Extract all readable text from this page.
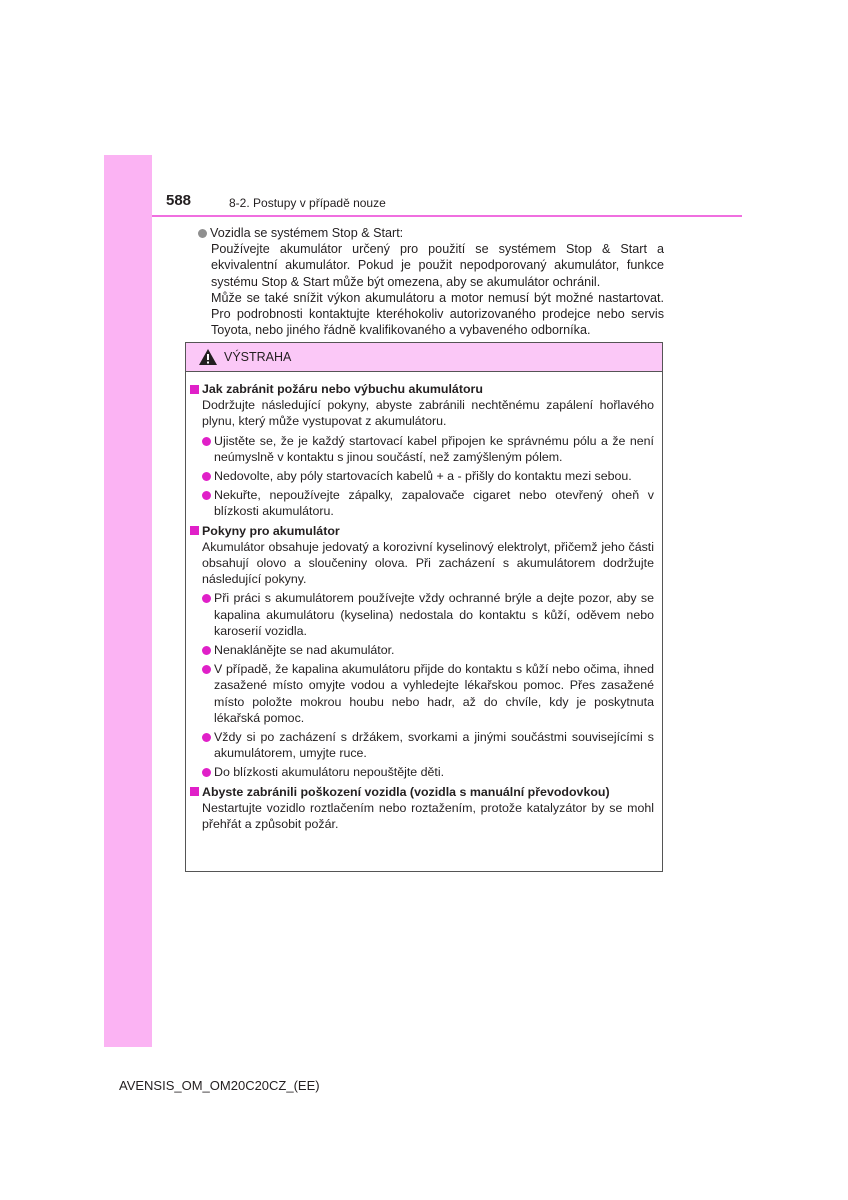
588	8-2. Postupy v případě nouze
Vozidla se systémem Stop & Start:

Používejte akumulátor určený pro použití se systémem Stop & Start a ekvivalentní akumulátor. Pokud je použit nepodporovaný akumulátor, funkce systému Stop & Start může být omezena, aby se akumulátor ochránil.

Může se také snížit výkon akumulátoru a motor nemusí být možné nastartovat. Pro podrobnosti kontaktujte kteréhokoliv autorizovaného prodejce nebo servis Toyota, nebo jiného řádně kvalifikovaného a vybaveného odborníka.

VÝSTRAHA
Jak zabránit požáru nebo výbuchu akumulátoru
Dodržujte následující pokyny, abyste zabránili nechtěnému zapálení hořlavého plynu, který může vystupovat z akumulátoru.
Ujistěte se, že je každý startovací kabel připojen ke správnému pólu a že není neúmyslně v kontaktu s jinou součástí, než zamýšleným pólem.
Nedovolte, aby póly startovacích kabelů + a - přišly do kontaktu mezi sebou.
Nekuřte, nepoužívejte zápalky, zapalovače cigaret nebo otevřený oheň v blízkosti akumulátoru.
Pokyny pro akumulátor
Akumulátor obsahuje jedovatý a korozivní kyselinový elektrolyt, přičemž jeho části obsahují olovo a sloučeniny olova. Při zacházení s akumulátorem dodržujte následující pokyny.
Při práci s akumulátorem používejte vždy ochranné brýle a dejte pozor, aby se kapalina akumulátoru (kyselina) nedostala do kontaktu s kůží, oděvem nebo karoserií vozidla.
Nenaklánějte se nad akumulátor.
V případě, že kapalina akumulátoru přijde do kontaktu s kůží nebo očima, ihned zasažené místo omyjte vodou a vyhledejte lékařskou pomoc. Přes zasažené místo položte mokrou houbu nebo hadr, až do chvíle, kdy je poskytnuta lékařská pomoc.
Vždy si po zacházení s držákem, svorkami a jinými součástmi souvisejícími s akumulátorem, umyjte ruce.
Do blízkosti akumulátoru nepouštějte děti.
Abyste zabránili poškození vozidla (vozidla s manuální převodovkou)
Nestartujte vozidlo roztlačením nebo roztažením, protože katalyzátor by se mohl přehřát a způsobit požár.
AVENSIS_OM_OM20C20CZ_(EE)
